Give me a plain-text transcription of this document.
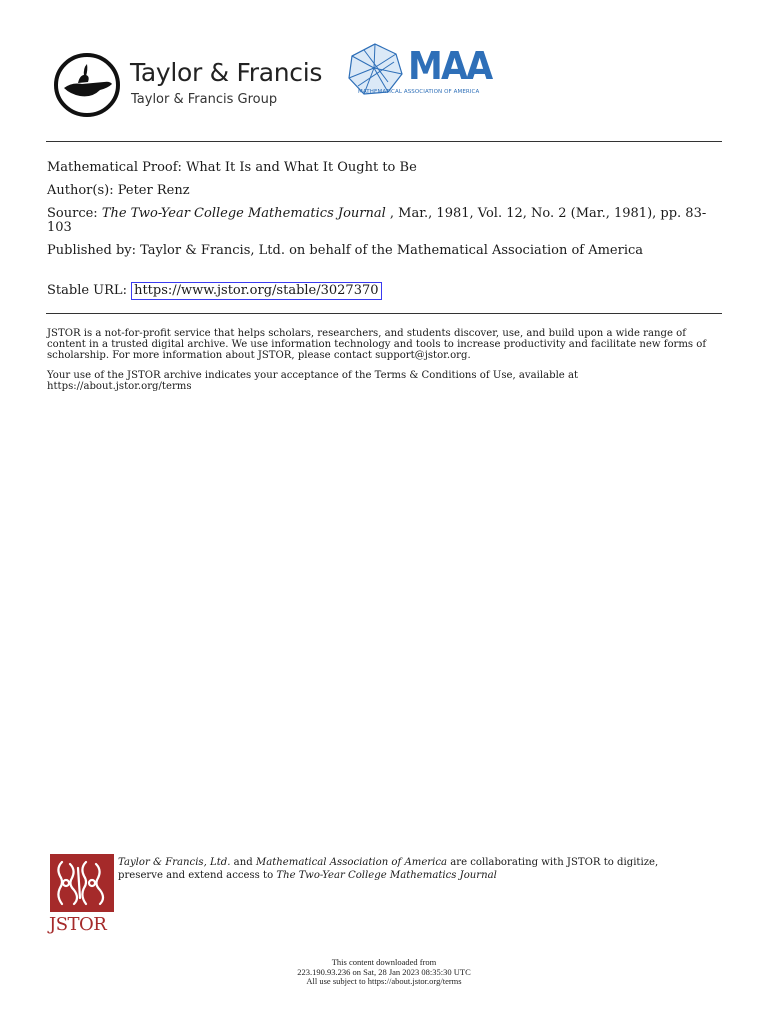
Taylor & Francis
Taylor & Francis Group
MAA
MATHEMATICAL ASSOCIATION OF AMERICA
Mathematical Proof: What It Is and What It Ought to Be
Author(s): Peter Renz
Source: The Two-Year College Mathematics Journal , Mar., 1981, Vol. 12, No. 2 (Mar., 1981), pp. 83-103
Published by: Taylor & Francis, Ltd. on behalf of the Mathematical Association of America
Stable URL: https://www.jstor.org/stable/3027370
JSTOR is a not-for-profit service that helps scholars, researchers, and students discover, use, and build upon a wide range of content in a trusted digital archive. We use information technology and tools to increase productivity and facilitate new forms of scholarship. For more information about JSTOR, please contact support@jstor.org.
Your use of the JSTOR archive indicates your acceptance of the Terms & Conditions of Use, available at https://about.jstor.org/terms
JSTOR
Taylor & Francis, Ltd. and Mathematical Association of America are collaborating with JSTOR to digitize, preserve and extend access to The Two-Year College Mathematics Journal
This content downloaded from
223.190.93.236 on Sat, 28 Jan 2023 08:35:30 UTC
All use subject to https://about.jstor.org/terms
